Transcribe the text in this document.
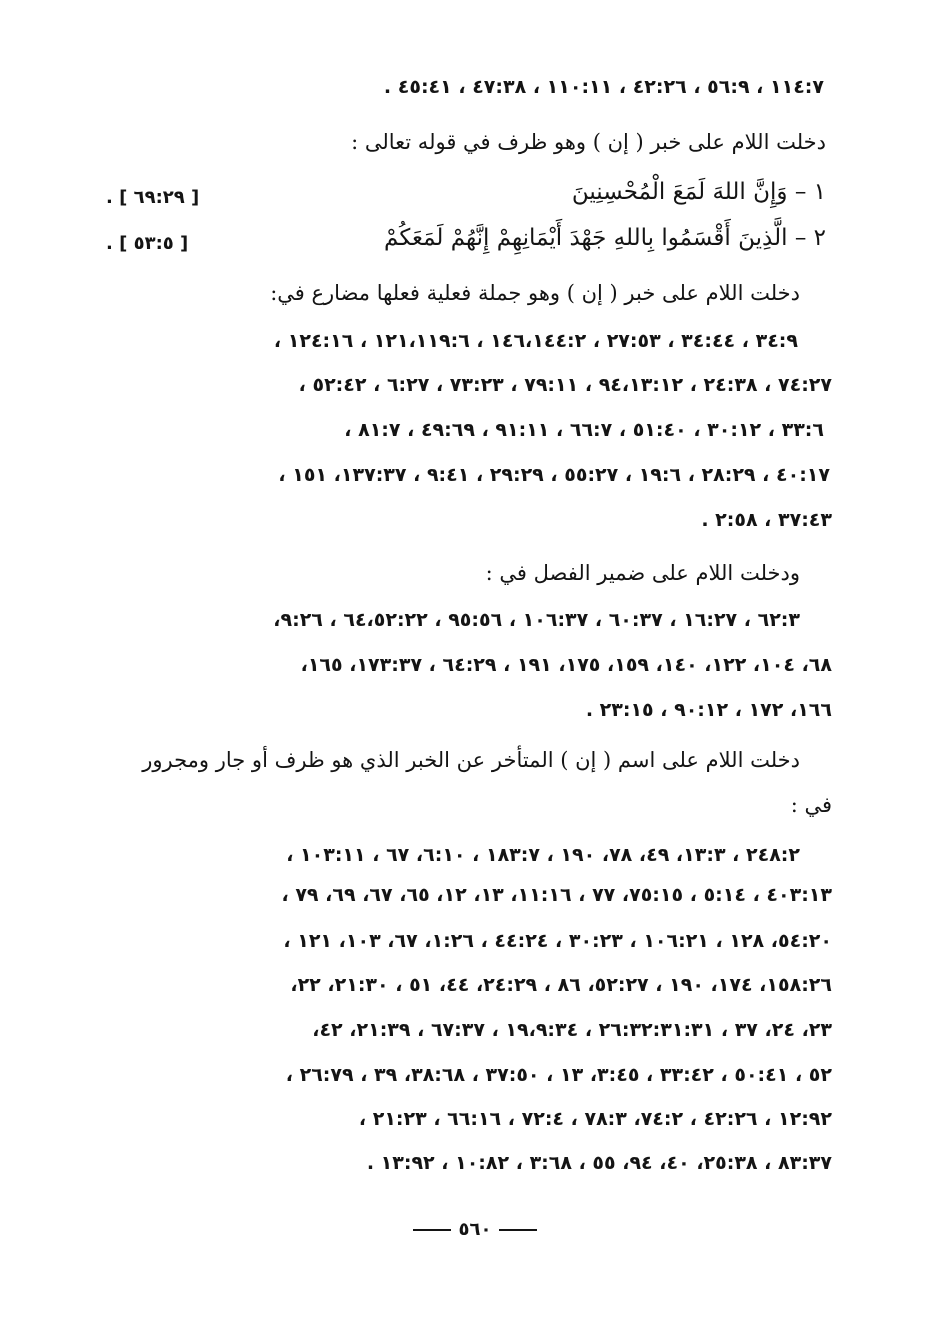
١١٤:٧ ، ٥٦:٩ ، ٤٢:٢٦ ، ١١٠:١١ ، ٤٧:٣٨ ، ٤٥:٤١ .
دخلت اللام على خبر ( إن ) وهو ظرف في قوله تعالى :
١ – وَإِنَّ اللهَ لَمَعَ الْمُحْسِنِينَ
[ ٦٩:٢٩ ] .
٢ – الَّذِينَ أَقْسَمُوا بِاللهِ جَهْدَ أَيْمَانِهِمْ إِنَّهُمْ لَمَعَكُمْ
[ ٥٣:٥ ] .
دخلت اللام على خبر ( إن ) وهو جملة فعلية فعلها مضارع في:
٣٤:٩ ، ٣٤:٤٤ ، ٢٧:٥٣ ، ١٤٦،١٤٤:٢ ، ١٢١،١١٩:٦ ، ١٢٤:١٦ ،
٧٤:٢٧ ، ٢٤:٣٨ ، ٩٤،١٣:١٢ ، ٧٩:١١ ، ٧٣:٢٣ ، ٦:٢٧ ، ٥٢:٤٢ ،
٣٣:٦ ، ٣٠:١٢ ، ٥١:٤٠ ، ٦٦:٧ ، ٩١:١١ ، ٤٩:٦٩ ، ٨١:٧ ،
٤٠:١٧ ، ٢٨:٢٩ ، ١٩:٦ ، ٥٥:٢٧ ، ٢٩:٢٩ ، ٩:٤١ ، ١٣٧:٣٧، ١٥١ ،
٣٧:٤٣ ، ٢:٥٨ .
ودخلت اللام على ضمير الفصل في :
٦٢:٣ ، ١٦:٢٧ ، ٦٠:٣٧ ، ١٠٦:٣٧ ، ٩٥:٥٦ ، ٦٤،٥٢:٢٢ ، ٩:٢٦،
٦٨، ١٠٤، ١٢٢، ١٤٠، ١٥٩، ١٧٥، ١٩١ ، ٦٤:٢٩ ، ١٧٣:٣٧، ١٦٥،
١٦٦، ١٧٢ ، ٩٠:١٢ ، ٢٣:١٥ .
دخلت اللام على اسم ( إن ) المتأخر عن الخبر الذي هو ظرف أو جار ومجرور
في :
٢٤٨:٢ ، ١٣:٣، ٤٩، ٧٨، ١٩٠ ، ١٨٣:٧ ، ٦:١٠، ٦٧ ، ١٠٣:١١ ،
٤٠٣:١٣ ، ٥:١٤ ، ٧٥:١٥، ٧٧ ، ١١:١٦، ١٣، ١٢، ٦٥، ٦٧، ٦٩، ٧٩ ،
٥٤:٢٠، ١٢٨ ، ١٠٦:٢١ ، ٣٠:٢٣ ، ٤٤:٢٤ ، ١:٢٦، ٦٧، ١٠٣، ١٢١ ،
١٥٨:٢٦، ١٧٤، ١٩٠ ، ٥٢:٢٧، ٨٦ ، ٢٤:٢٩، ٤٤، ٥١ ، ٢١:٣٠، ٢٢،
٢٣، ٢٤، ٣٧ ، ٢٦:٣٢:٣١:٣١ ، ١٩،٩:٣٤ ، ٦٧:٣٧ ، ٢١:٣٩، ٤٢،
٥٢ ، ٥٠:٤١ ، ٣٣:٤٢ ، ٣:٤٥، ١٣ ، ٣٧:٥٠ ، ٣٨:٦٨، ٣٩ ، ٢٦:٧٩ ،
١٢:٩٢ ، ٤٢:٢٦ ، ٧٤:٢، ٧٨:٣ ، ٧٢:٤ ، ٦٦:١٦ ، ٢١:٢٣ ،
٨٣:٣٧ ، ٢٥:٣٨، ٤٠، ٩٤، ٥٥ ، ٣:٦٨ ، ١٠:٨٢ ، ١٣:٩٢ .
٥٦٠
